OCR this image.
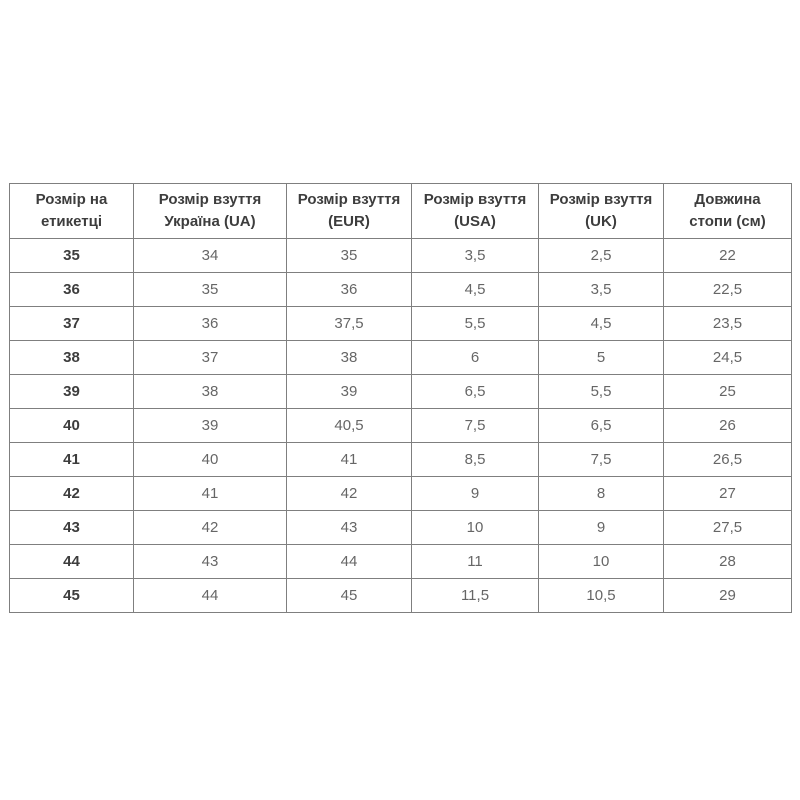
Розмір на етикетці	Розмір взуття Україна (UA)	Розмір взуття (EUR)	Розмір взуття (USA)	Розмір взуття (UK)	Довжина стопи (см)
35	34	35	3,5	2,5	22
36	35	36	4,5	3,5	22,5
37	36	37,5	5,5	4,5	23,5
38	37	38	6	5	24,5
39	38	39	6,5	5,5	25
40	39	40,5	7,5	6,5	26
41	40	41	8,5	7,5	26,5
42	41	42	9	8	27
43	42	43	10	9	27,5
44	43	44	11	10	28
45	44	45	11,5	10,5	29
